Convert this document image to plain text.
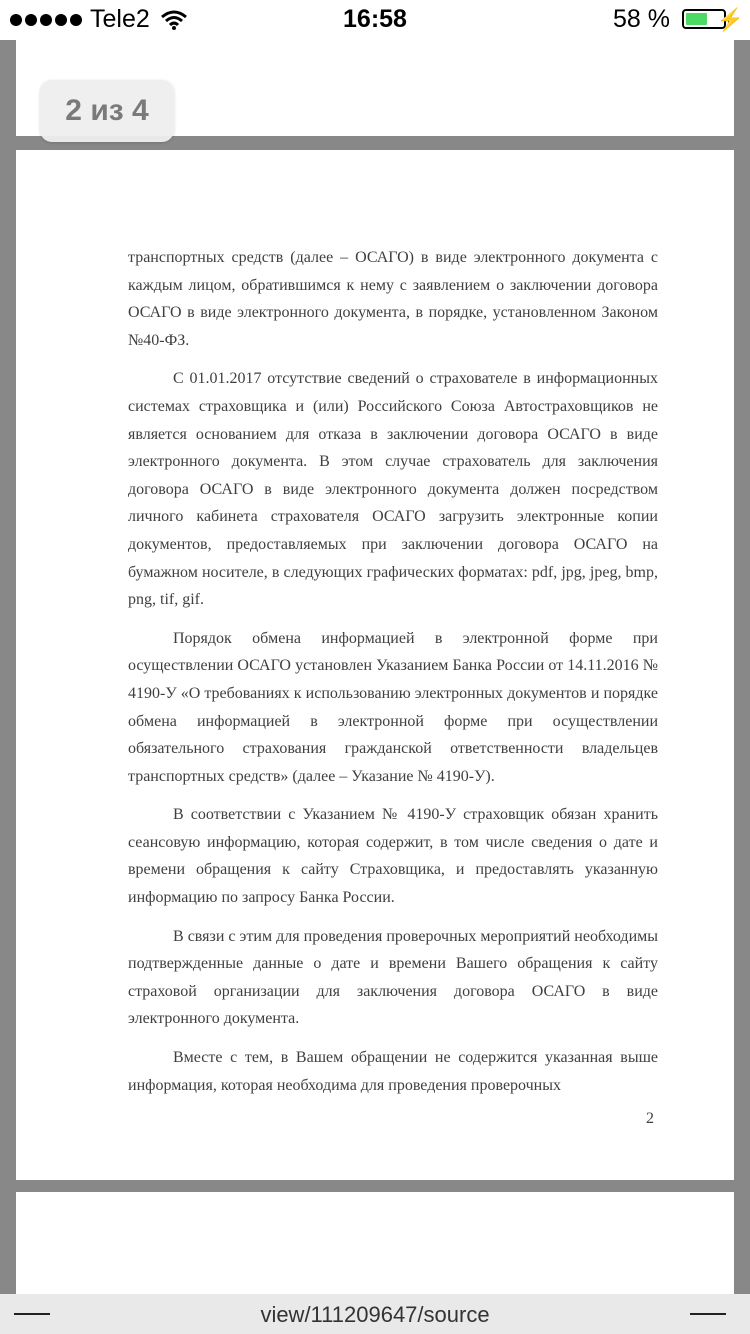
Tele2	16:58	58 % ⚡
2 из 4

транспортных средств (далее – ОСАГО) в виде электронного документа с каждым лицом, обратившимся к нему с заявлением о заключении договора ОСАГО в виде электронного документа, в порядке, установленном Законом №40-ФЗ.

С 01.01.2017 отсутствие сведений о страхователе в информационных системах страховщика и (или) Российского Союза Автостраховщиков не является основанием для отказа в заключении договора ОСАГО в виде электронного документа. В этом случае страхователь для заключения договора ОСАГО в виде электронного документа должен посредством личного кабинета страхователя ОСАГО загрузить электронные копии документов, предоставляемых при заключении договора ОСАГО на бумажном носителе, в следующих графических форматах: pdf, jpg, jpeg, bmp, png, tif, gif.

Порядок обмена информацией в электронной форме при осуществлении ОСАГО установлен Указанием Банка России от 14.11.2016 № 4190-У «О требованиях к использованию электронных документов и порядке обмена информацией в электронной форме при осуществлении обязательного страхования гражданской ответственности владельцев транспортных средств» (далее – Указание № 4190-У).

В соответствии с Указанием № 4190-У страховщик обязан хранить сеансовую информацию, которая содержит, в том числе сведения о дате и времени обращения к сайту Страховщика, и предоставлять указанную информацию по запросу Банка России.

В связи с этим для проведения проверочных мероприятий необходимы подтвержденные данные о дате и времени Вашего обращения к сайту страховой организации для заключения договора ОСАГО в виде электронного документа.

Вместе с тем, в Вашем обращении не содержится указанная выше информация, которая необходима для проведения проверочных

2
view/111209647/source
